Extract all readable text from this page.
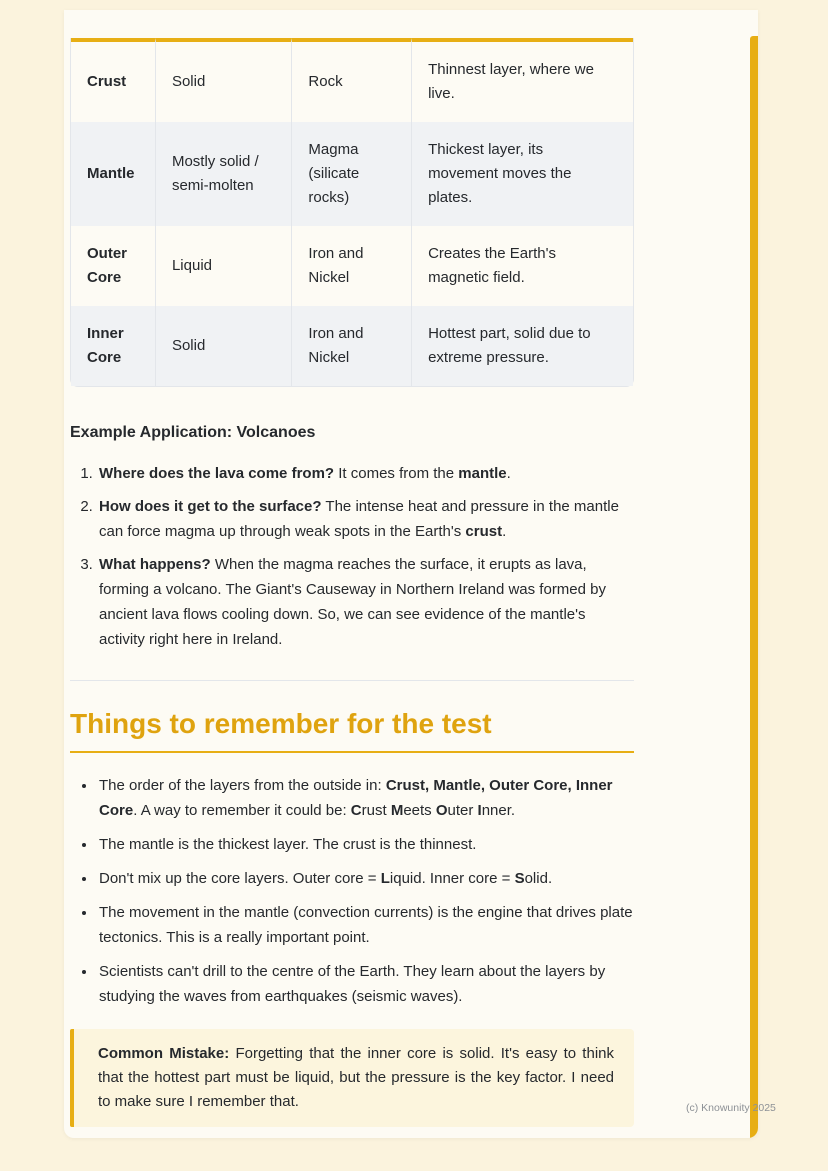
Crust	Solid	Rock	Thinnest layer, where we live.
Mantle	Mostly solid / semi-molten	Magma (silicate rocks)	Thickest layer, its movement moves the plates.
Outer Core	Liquid	Iron and Nickel	Creates the Earth's magnetic field.
Inner Core	Solid	Iron and Nickel	Hottest part, solid due to extreme pressure.
Example Application: Volcanoes
1. Where does the lava come from? It comes from the mantle.
2. How does it get to the surface? The intense heat and pressure in the mantle can force magma up through weak spots in the Earth's crust.
3. What happens? When the magma reaches the surface, it erupts as lava, forming a volcano. The Giant's Causeway in Northern Ireland was formed by ancient lava flows cooling down. So, we can see evidence of the mantle's activity right here in Ireland.
Things to remember for the test
• The order of the layers from the outside in: Crust, Mantle, Outer Core, Inner Core. A way to remember it could be: Crust Meets Outer Inner.
• The mantle is the thickest layer. The crust is the thinnest.
• Don't mix up the core layers. Outer core = Liquid. Inner core = Solid.
• The movement in the mantle (convection currents) is the engine that drives plate tectonics. This is a really important point.
• Scientists can't drill to the centre of the Earth. They learn about the layers by studying the waves from earthquakes (seismic waves).

Common Mistake: Forgetting that the inner core is solid. It's easy to think that the hottest part must be liquid, but the pressure is the key factor. I need to make sure I remember that.	(c) Knowunity 2025
